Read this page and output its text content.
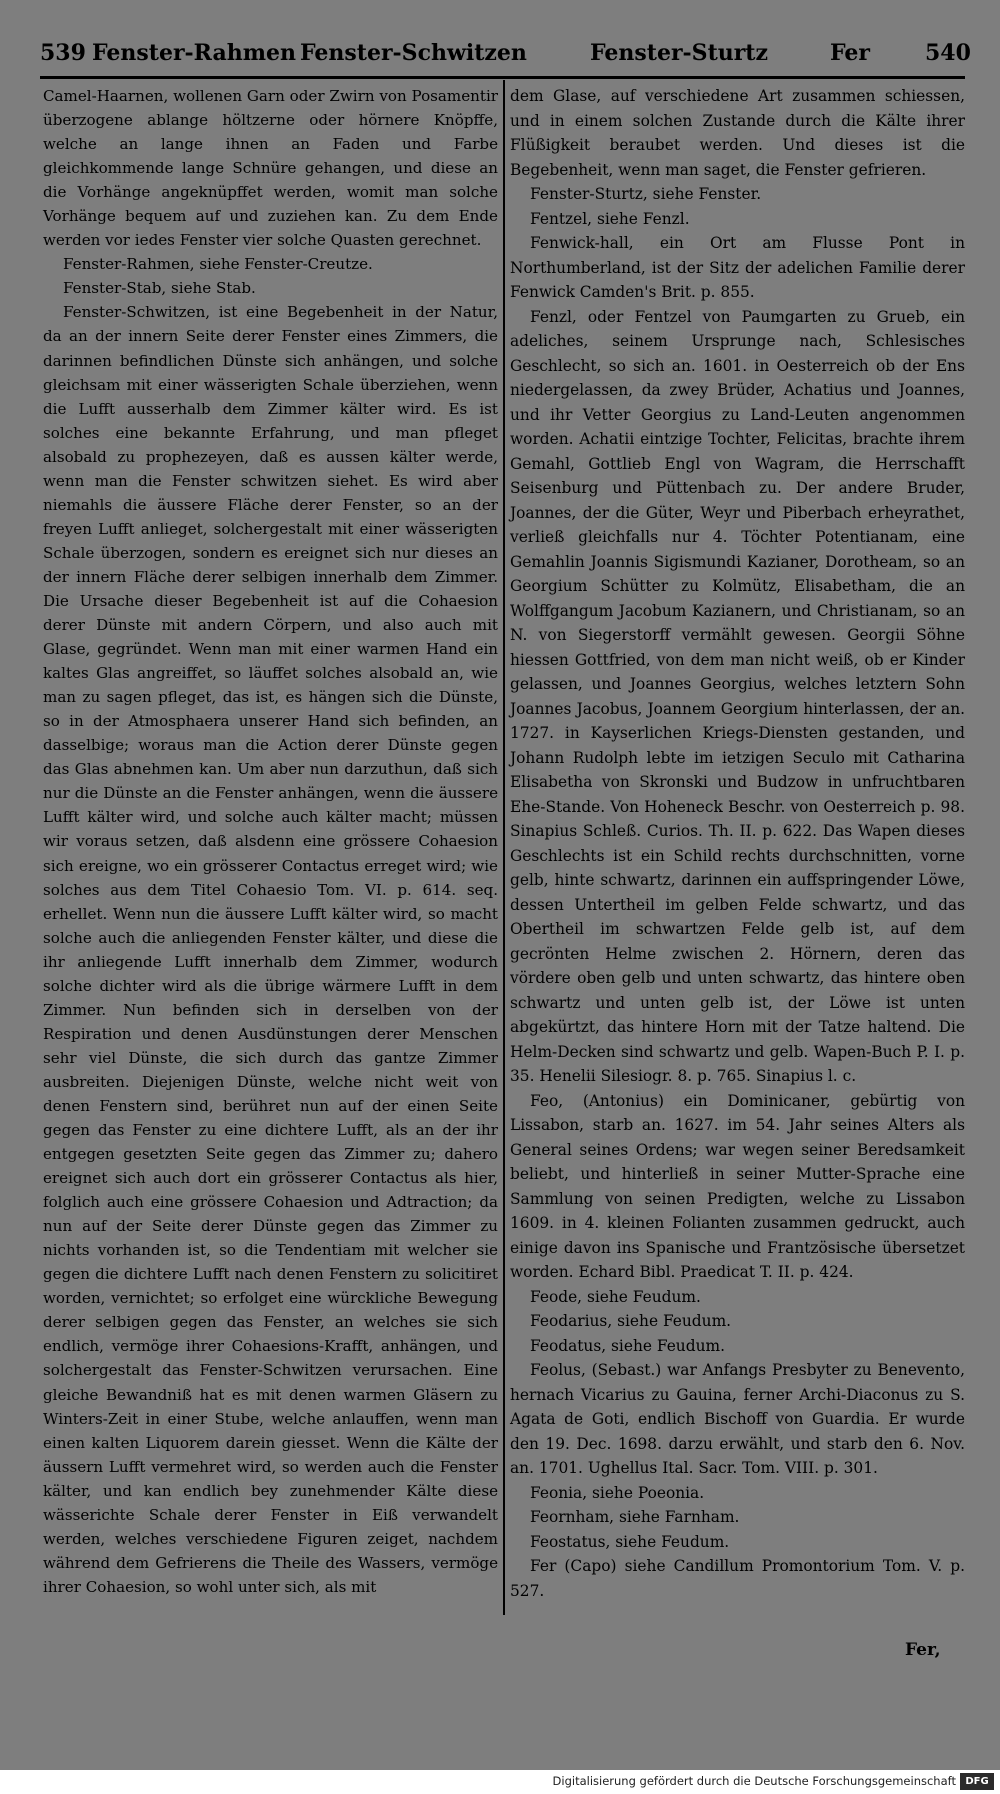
539 Fenster-Rahmen Fenster-Schwitzen	Fenster-Sturtz	Fer 540

Camel-Haarnen, wollenen Garn oder Zwirn von Posamentir überzogene ablange höltzerne oder hörnere Knöpffe, welche an lange ihnen an Faden und Farbe gleichkommende lange Schnüre gehangen, und diese an die Vorhänge angeknüpffet werden, womit man solche Vorhänge bequem auf und zuziehen kan. Zu dem Ende werden vor iedes Fenster vier solche Quasten gerechnet.

Fenster-Rahmen, siehe Fenster-Creutze.

Fenster-Stab, siehe Stab.

Fenster-Schwitzen, ist eine Begebenheit in der Natur, da an der innern Seite derer Fenster eines Zimmers, die darinnen befindlichen Dünste sich anhängen, und solche gleichsam mit einer wässerigten Schale überziehen, wenn die Lufft ausserhalb dem Zimmer kälter wird. Es ist solches eine bekannte Erfahrung, und man pfleget alsobald zu prophezeyen, daß es aussen kälter werde, wenn man die Fenster schwitzen siehet. Es wird aber niemahls die äussere Fläche derer Fenster, so an der freyen Lufft anlieget, solchergestalt mit einer wässerigten Schale überzogen, sondern es ereignet sich nur dieses an der innern Fläche derer selbigen innerhalb dem Zimmer. Die Ursache dieser Begebenheit ist auf die Cohaesion derer Dünste mit andern Cörpern, und also auch mit Glase, gegründet. Wenn man mit einer warmen Hand ein kaltes Glas angreiffet, so läuffet solches alsobald an, wie man zu sagen pfleget, das ist, es hängen sich die Dünste, so in der Atmosphaera unserer Hand sich befinden, an dasselbige; woraus man die Action derer Dünste gegen das Glas abnehmen kan. Um aber nun darzuthun, daß sich nur die Dünste an die Fenster anhängen, wenn die äussere Lufft kälter wird, und solche auch kälter macht; müssen wir voraus setzen, daß alsdenn eine grössere Cohaesion sich ereigne, wo ein grösserer Contactus erreget wird; wie solches aus dem Titel Cohaesio Tom. VI. p. 614. seq. erhellet. Wenn nun die äussere Lufft kälter wird, so macht solche auch die anliegenden Fenster kälter, und diese die ihr anliegende Lufft innerhalb dem Zimmer, wodurch solche dichter wird als die übrige wärmere Lufft in dem Zimmer. Nun befinden sich in derselben von der Respiration und denen Ausdünstungen derer Menschen sehr viel Dünste, die sich durch das gantze Zimmer ausbreiten. Diejenigen Dünste, welche nicht weit von denen Fenstern sind, berühret nun auf der einen Seite gegen das Fenster zu eine dichtere Lufft, als an der ihr entgegen gesetzten Seite gegen das Zimmer zu; dahero ereignet sich auch dort ein grösserer Contactus als hier, folglich auch eine grössere Cohaesion und Adtraction; da nun auf der Seite derer Dünste gegen das Zimmer zu nichts vorhanden ist, so die Tendentiam mit welcher sie gegen die dichtere Lufft nach denen Fenstern zu solicitiret worden, vernichtet; so erfolget eine würckliche Bewegung derer selbigen gegen das Fenster, an welches sie sich endlich, vermöge ihrer Cohaesions-Krafft, anhängen, und solchergestalt das Fenster-Schwitzen verursachen. Eine gleiche Bewandniß hat es mit denen warmen Gläsern zu Winters-Zeit in einer Stube, welche anlauffen, wenn man einen kalten Liquorem darein giesset. Wenn die Kälte der äussern Lufft vermehret wird, so werden auch die Fenster kälter, und kan endlich bey zunehmender Kälte diese wässerichte Schale derer Fenster in Eiß verwandelt werden, welches verschiedene Figuren zeiget, nachdem während dem Gefrierens die Theile des Wassers, vermöge ihrer Cohaesion, so wohl unter sich, als mit

dem Glase, auf verschiedene Art zusammen schiessen, und in einem solchen Zustande durch die Kälte ihrer Flüßigkeit beraubet werden. Und dieses ist die Begebenheit, wenn man saget, die Fenster gefrieren.

Fenster-Sturtz, siehe Fenster.

Fentzel, siehe Fenzl.

Fenwick-hall, ein Ort am Flusse Pont in Northumberland, ist der Sitz der adelichen Familie derer Fenwick Camden's Brit. p. 855.

Fenzl, oder Fentzel von Paumgarten zu Grueb, ein adeliches, seinem Ursprunge nach, Schlesisches Geschlecht, so sich an. 1601. in Oesterreich ob der Ens niedergelassen, da zwey Brüder, Achatius und Joannes, und ihr Vetter Georgius zu Land-Leuten angenommen worden. Achatii eintzige Tochter, Felicitas, brachte ihrem Gemahl, Gottlieb Engl von Wagram, die Herrschafft Seisenburg und Püttenbach zu. Der andere Bruder, Joannes, der die Güter, Weyr und Piberbach erheyrathet, verließ gleichfalls nur 4. Töchter Potentianam, eine Gemahlin Joannis Sigismundi Kazianer, Dorotheam, so an Georgium Schütter zu Kolmütz, Elisabetham, die an Wolffgangum Jacobum Kazianern, und Christianam, so an N. von Siegerstorff vermählt gewesen. Georgii Söhne hiessen Gottfried, von dem man nicht weiß, ob er Kinder gelassen, und Joannes Georgius, welches letztern Sohn Joannes Jacobus, Joannem Georgium hinterlassen, der an. 1727. in Kayserlichen Kriegs-Diensten gestanden, und Johann Rudolph lebte im ietzigen Seculo mit Catharina Elisabetha von Skronski und Budzow in unfruchtbaren Ehe-Stande. Von Hoheneck Beschr. von Oesterreich p. 98. Sinapius Schleß. Curios. Th. II. p. 622. Das Wapen dieses Geschlechts ist ein Schild rechts durchschnitten, vorne gelb, hinte schwartz, darinnen ein auffspringender Löwe, dessen Untertheil im gelben Felde schwartz, und das Obertheil im schwartzen Felde gelb ist, auf dem gecrönten Helme zwischen 2. Hörnern, deren das vördere oben gelb und unten schwartz, das hintere oben schwartz und unten gelb ist, der Löwe ist unten abgekürtzt, das hintere Horn mit der Tatze haltend. Die Helm-Decken sind schwartz und gelb. Wapen-Buch P. I. p. 35. Henelii Silesiogr. 8. p. 765. Sinapius l. c.

Feo, (Antonius) ein Dominicaner, gebürtig von Lissabon, starb an. 1627. im 54. Jahr seines Alters als General seines Ordens; war wegen seiner Beredsamkeit beliebt, und hinterließ in seiner Mutter-Sprache eine Sammlung von seinen Predigten, welche zu Lissabon 1609. in 4. kleinen Folianten zusammen gedruckt, auch einige davon ins Spanische und Frantzösische übersetzet worden. Echard Bibl. Praedicat T. II. p. 424.

Feode, siehe Feudum.

Feodarius, siehe Feudum.

Feodatus, siehe Feudum.

Feolus, (Sebast.) war Anfangs Presbyter zu Benevento, hernach Vicarius zu Gauina, ferner Archi-Diaconus zu S. Agata de Goti, endlich Bischoff von Guardia. Er wurde den 19. Dec. 1698. darzu erwählt, und starb den 6. Nov. an. 1701. Ughellus Ital. Sacr. Tom. VIII. p. 301.

Feonia, siehe Poeonia.

Feornham, siehe Farnham.

Feostatus, siehe Feudum.

Fer (Capo) siehe Candillum Promontorium Tom. V. p. 527.

Fer,
Digitalisierung gefördert durch die Deutsche Forschungsgemeinschaft DFG
